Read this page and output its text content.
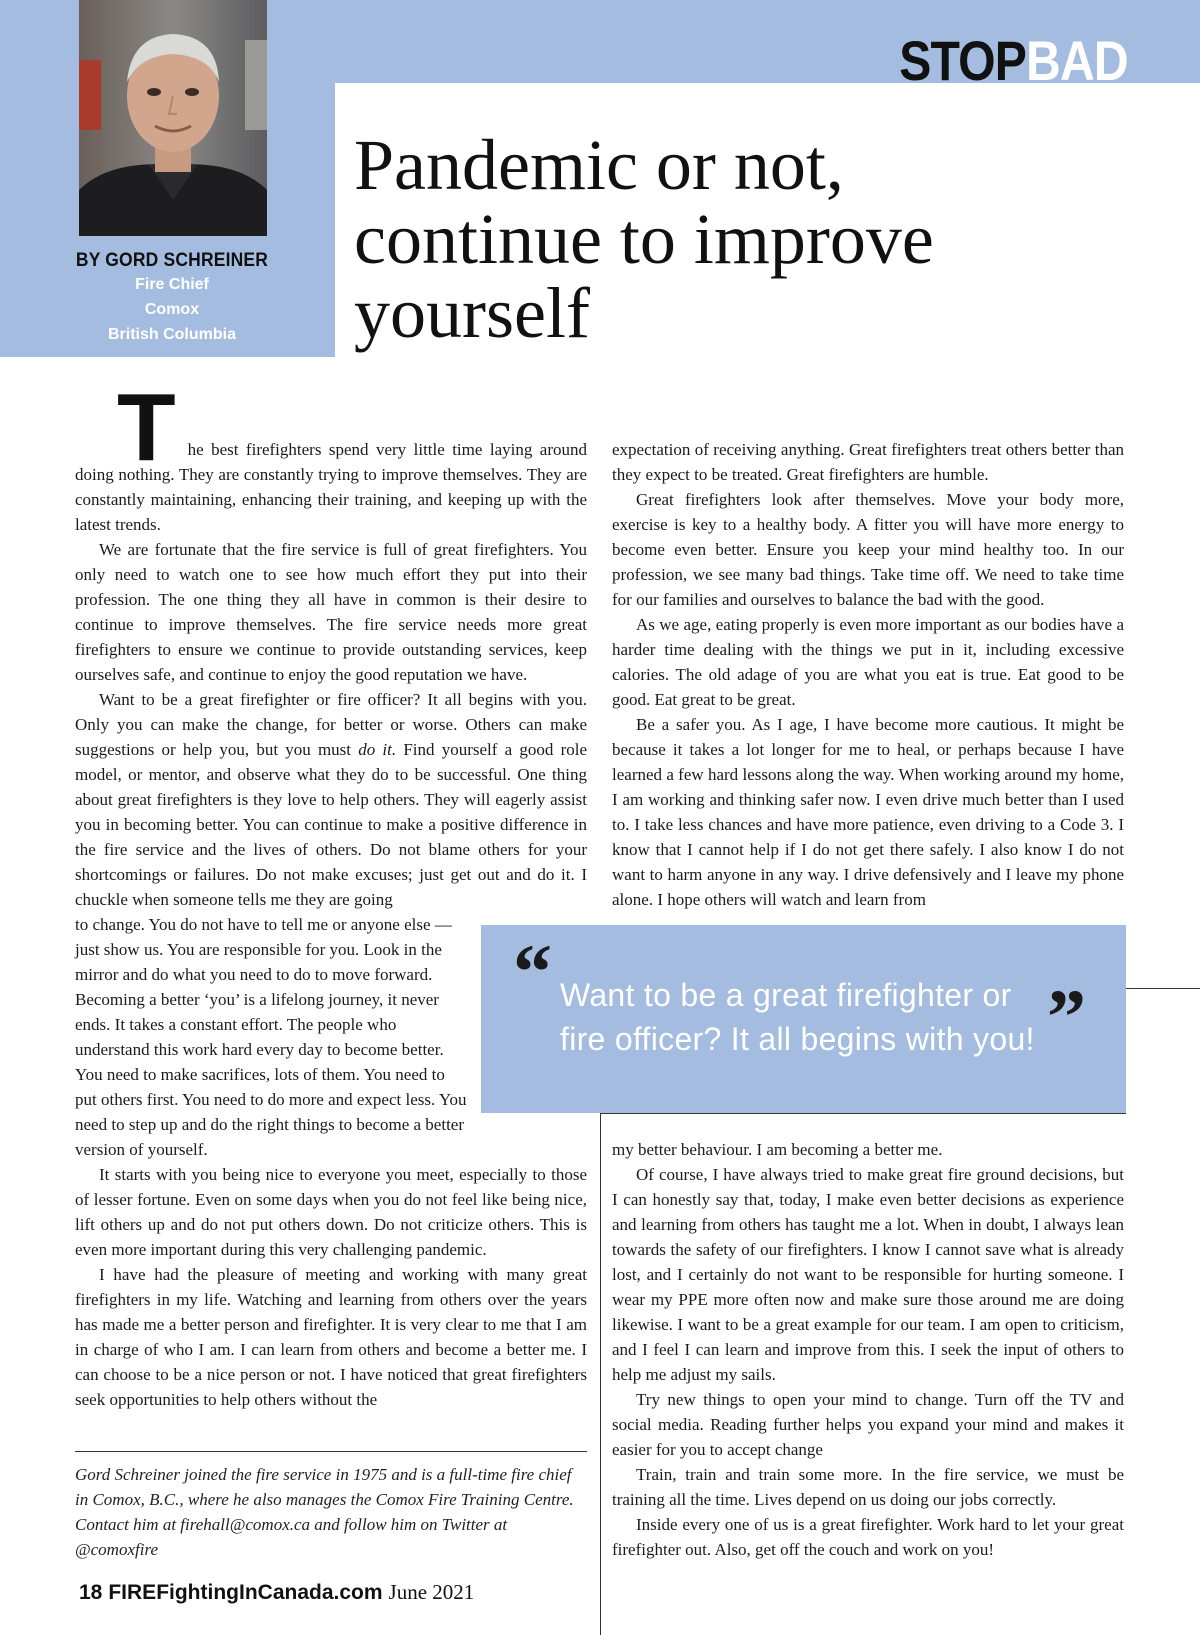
BY GORD SCHREINER
Fire Chief
Comox
British Columbia
STOPBAD
Pandemic or not,
continue to improve
yourself

The best firefighters spend very little time laying around doing nothing. They are constantly trying to improve themselves. They are constantly maintaining, enhancing their training, and keeping up with the latest trends.

We are fortunate that the fire service is full of great firefighters. You only need to watch one to see how much effort they put into their profession. The one thing they all have in common is their desire to continue to improve themselves. The fire service needs more great firefighters to ensure we continue to provide outstanding services, keep ourselves safe, and continue to enjoy the good reputation we have.

Want to be a great firefighter or fire officer? It all begins with you. Only you can make the change, for better or worse. Others can make suggestions or help you, but you must do it. Find yourself a good role model, or mentor, and observe what they do to be successful. One thing about great firefighters is they love to help others. They will eagerly assist you in becoming better. You can continue to make a positive difference in the fire service and the lives of others. Do not blame others for your shortcomings or failures. Do not make excuses; just get out and do it. I chuckle when someone tells me they are going

to change. You do not have to tell me or anyone else — just show us. You are responsible for you. Look in the mirror and do what you need to do to move forward. Becoming a better ‘you’ is a lifelong journey, it never ends. It takes a constant effort. The people who understand this work hard every day to become better. You need to make sacrifices, lots of them. You need to put others first. You need to do more and expect less. You need to step up and do the right things to become a better version of yourself.

It starts with you being nice to everyone you meet, especially to those of lesser fortune. Even on some days when you do not feel like being nice, lift others up and do not put others down. Do not criticize others. This is even more important during this very challenging pandemic.

I have had the pleasure of meeting and working with many great firefighters in my life. Watching and learning from others over the years has made me a better person and firefighter. It is very clear to me that I am in charge of who I am. I can learn from others and become a better me. I can choose to be a nice person or not. I have noticed that great firefighters seek opportunities to help others without the

Gord Schreiner joined the fire service in 1975 and is a full-time fire chief in Comox, B.C., where he also manages the Comox Fire Training Centre. Contact him at firehall@comox.ca and follow him on Twitter at @comoxfire

expectation of receiving anything. Great firefighters treat others better than they expect to be treated. Great firefighters are humble.

Great firefighters look after themselves. Move your body more, exercise is key to a healthy body. A fitter you will have more energy to become even better. Ensure you keep your mind healthy too. In our profession, we see many bad things. Take time off. We need to take time for our families and ourselves to balance the bad with the good.

As we age, eating properly is even more important as our bodies have a harder time dealing with the things we put in it, including excessive calories. The old adage of you are what you eat is true. Eat good to be good. Eat great to be great.

Be a safer you. As I age, I have become more cautious. It might be because it takes a lot longer for me to heal, or perhaps because I have learned a few hard lessons along the way. When working around my home, I am working and thinking safer now. I even drive much better than I used to. I take less chances and have more patience, even driving to a Code 3. I know that I cannot help if I do not get there safely. I also know I do not want to harm anyone in any way. I drive defensively and I leave my phone alone. I hope others will watch and learn from

“ Want to be a great firefighter or fire officer? It all begins with you! ”

my better behaviour. I am becoming a better me.

Of course, I have always tried to make great fire ground decisions, but I can honestly say that, today, I make even better decisions as experience and learning from others has taught me a lot. When in doubt, I always lean towards the safety of our firefighters. I know I cannot save what is already lost, and I certainly do not want to be responsible for hurting someone. I wear my PPE more often now and make sure those around me are doing likewise. I want to be a great example for our team. I am open to criticism, and I feel I can learn and improve from this. I seek the input of others to help me adjust my sails.

Try new things to open your mind to change. Turn off the TV and social media. Reading further helps you expand your mind and makes it easier for you to accept change

Train, train and train some more. In the fire service, we must be training all the time. Lives depend on us doing our jobs correctly.

Inside every one of us is a great firefighter. Work hard to let your great firefighter out. Also, get off the couch and work on you!

18 FIREFightingInCanada.com June 2021
